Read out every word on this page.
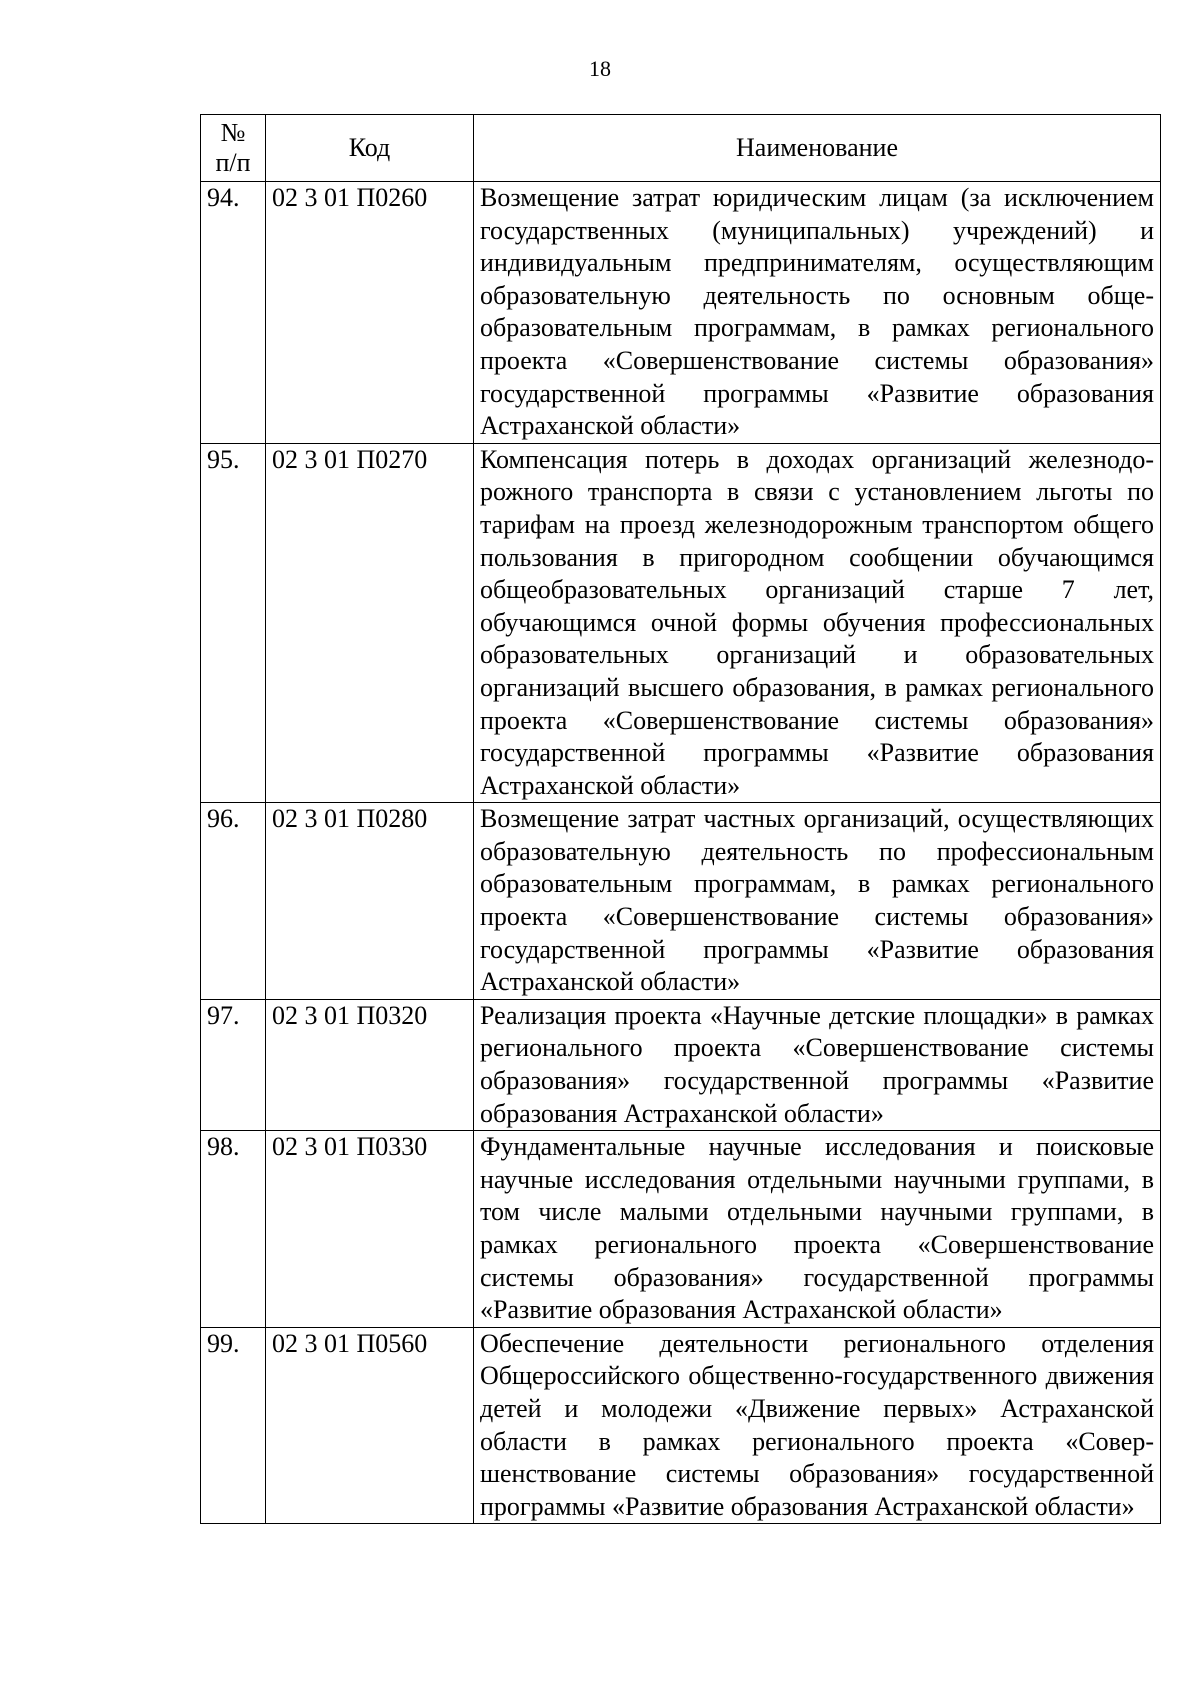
18
№
п/п	Код	Наименование
94.	02 3 01 П0260	Возмещение затрат юридическим лицам (за исключением государственных (муниципальных) учреждений) и индивидуальным предпринимателям, осуществляющим образовательную деятельность по основным общеобразовательным программам, в рамках регионального проекта «Совершенствование системы образования» государственной программы «Развитие образования Астраханской области»
95.	02 3 01 П0270	Компенсация потерь в доходах организаций железнодорожного транспорта в связи с установлением льготы по тарифам на проезд железнодорожным транспортом общего пользования в пригородном сообщении обучающимся общеобразовательных организаций старше 7 лет, обучающимся очной формы обучения профессиональных образовательных организаций и образовательных организаций высшего образования, в рамках регионального проекта «Совершенствование системы образования» государственной программы «Развитие образования Астраханской области»
96.	02 3 01 П0280	Возмещение затрат частных организаций, осуществляющих образовательную деятельность по профессиональным образовательным программам, в рамках регионального проекта «Совершенствование системы образования» государственной программы «Развитие образования Астраханской области»
97.	02 3 01 П0320	Реализация проекта «Научные детские площадки» в рамках регионального проекта «Совершенствование системы образования» государственной программы «Развитие образования Астраханской области»
98.	02 3 01 П0330	Фундаментальные научные исследования и поисковые научные исследования отдельными научными группами, в том числе малыми отдельными научными группами, в рамках регионального проекта «Совершенствование системы образования» государственной программы «Развитие образования Астраханской области»
99.	02 3 01 П0560	Обеспечение деятельности регионального отделения Общероссийского общественно-государственного движения детей и молодежи «Движение первых» Астраханской области в рамках регионального проекта «Совершенствование системы образования» государственной программы «Развитие образования Астраханской области»
